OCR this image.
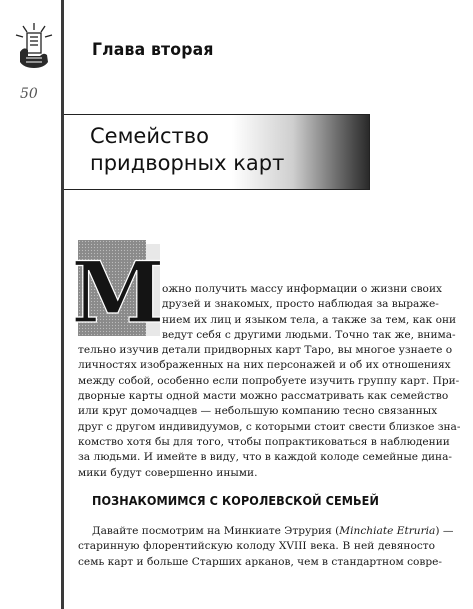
50
Глава вторая
Семейство
придворных карт
М
ожно получить массу информации о жизни своих
друзей и знакомых, просто наблюдая за выраже-
нием их лиц и языком тела, а также за тем, как они
ведут себя с другими людьми. Точно так же, внима-
тельно изучив детали придворных карт Таро, вы многое узнаете о
личностях изображенных на них персонажей и об их отношениях
между собой, особенно если попробуете изучить группу карт. При-
дворные карты одной масти можно рассматривать как семейство
или круг домочадцев — небольшую компанию тесно связанных
друг с другом индивидуумов, с которыми стоит свести близкое зна-
комство хотя бы для того, чтобы попрактиковаться в наблюдении
за людьми. И имейте в виду, что в каждой колоде семейные дина-
мики будут совершенно иными.
ПОЗНАКОМИМСЯ С КОРОЛЕВСКОЙ СЕМЬЕЙ
Давайте посмотрим на Минкиате Этрурия (Minchiate Etruria) —
старинную флорентийскую колоду XVIII века. В ней девяносто
семь карт и больше Старших арканов, чем в стандартном совре-
